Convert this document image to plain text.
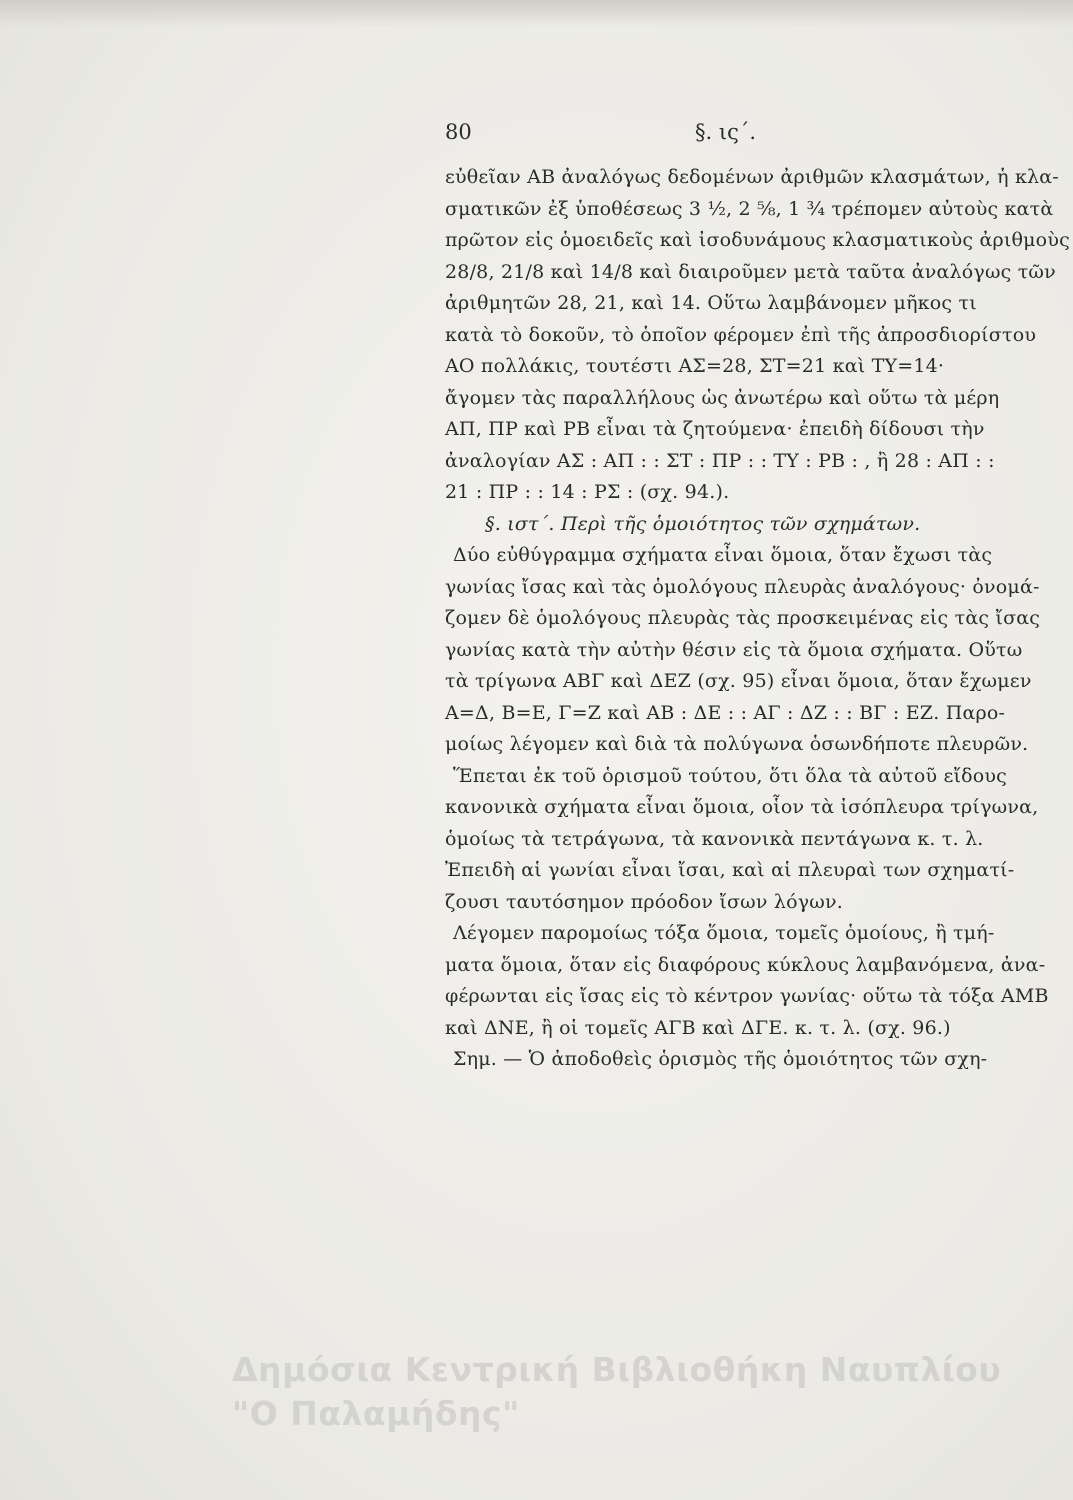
80	§. ις΄.
εὐθεῖαν ΑΒ ἀναλόγως δεδομένων ἀριθμῶν κλασμάτων, ἡ κλα-
σματικῶν ἐξ ὑποθέσεως 3 ½, 2 ⅝, 1 ¾ τρέπομεν αὐτοὺς κατὰ
πρῶτον εἰς ὁμοειδεῖς καὶ ἰσοδυνάμους κλασματικοὺς ἀριθμοὺς
28/8, 21/8 καὶ 14/8 καὶ διαιροῦμεν μετὰ ταῦτα ἀναλόγως τῶν
ἀριθμητῶν 28, 21, καὶ 14. Οὕτω λαμβάνομεν μῆκος τι
κατὰ τὸ δοκοῦν, τὸ ὁποῖον φέρομεν ἐπὶ τῆς ἀπροσδιορίστου
ΑΟ πολλάκις, τουτέστι ΑΣ=28, ΣΤ=21 καὶ ΤΥ=14·
ἄγομεν τὰς παραλλήλους ὡς ἀνωτέρω καὶ οὕτω τὰ μέρη
ΑΠ, ΠΡ καὶ ΡΒ εἶναι τὰ ζητούμενα· ἐπειδὴ δίδουσι τὴν
ἀναλογίαν ΑΣ : ΑΠ : : ΣΤ : ΠΡ : : ΤΥ : ΡΒ : , ἢ 28 : ΑΠ : :
21 : ΠΡ : : 14 : ΡΣ : (σχ. 94.).
§. ιστ΄. Περὶ τῆς ὁμοιότητος τῶν σχημάτων.
Δύο εὐθύγραμμα σχήματα εἶναι ὅμοια, ὅταν ἔχωσι τὰς
γωνίας ἴσας καὶ τὰς ὁμολόγους πλευρὰς ἀναλόγους· ὀνομά-
ζομεν δὲ ὁμολόγους πλευρὰς τὰς προσκειμένας εἰς τὰς ἴσας
γωνίας κατὰ τὴν αὐτὴν θέσιν εἰς τὰ ὅμοια σχήματα. Οὕτω
τὰ τρίγωνα ΑΒΓ καὶ ΔΕΖ (σχ. 95) εἶναι ὅμοια, ὅταν ἔχωμεν
Α=Δ, Β=Ε, Γ=Ζ καὶ ΑΒ : ΔΕ : : ΑΓ : ΔΖ : : ΒΓ : ΕΖ. Παρο-
μοίως λέγομεν καὶ διὰ τὰ πολύγωνα ὁσωνδήποτε πλευρῶν.
Ἕπεται ἐκ τοῦ ὁρισμοῦ τούτου, ὅτι ὅλα τὰ αὐτοῦ εἴδους
κανονικὰ σχήματα εἶναι ὅμοια, οἷον τὰ ἰσόπλευρα τρίγωνα,
ὁμοίως τὰ τετράγωνα, τὰ κανονικὰ πεντάγωνα κ. τ. λ.
Ἐπειδὴ αἱ γωνίαι εἶναι ἴσαι, καὶ αἱ πλευραὶ των σχηματί-
ζουσι ταυτόσημον πρόοδον ἴσων λόγων.
Λέγομεν παρομοίως τόξα ὅμοια, τομεῖς ὁμοίους, ἢ τμή-
ματα ὅμοια, ὅταν εἰς διαφόρους κύκλους λαμβανόμενα, ἀνα-
φέρωνται εἰς ἴσας εἰς τὸ κέντρον γωνίας· οὕτω τὰ τόξα ΑΜΒ
καὶ ΔΝΕ, ἢ οἱ τομεῖς ΑΓΒ καὶ ΔΓΕ. κ. τ. λ. (σχ. 96.)
Σημ. — Ὁ ἀποδοθεὶς ὁρισμὸς τῆς ὁμοιότητος τῶν σχη-
Δημόσια Κεντρική Βιβλιοθήκη Ναυπλίου
"Ο Παλαμήδης"
